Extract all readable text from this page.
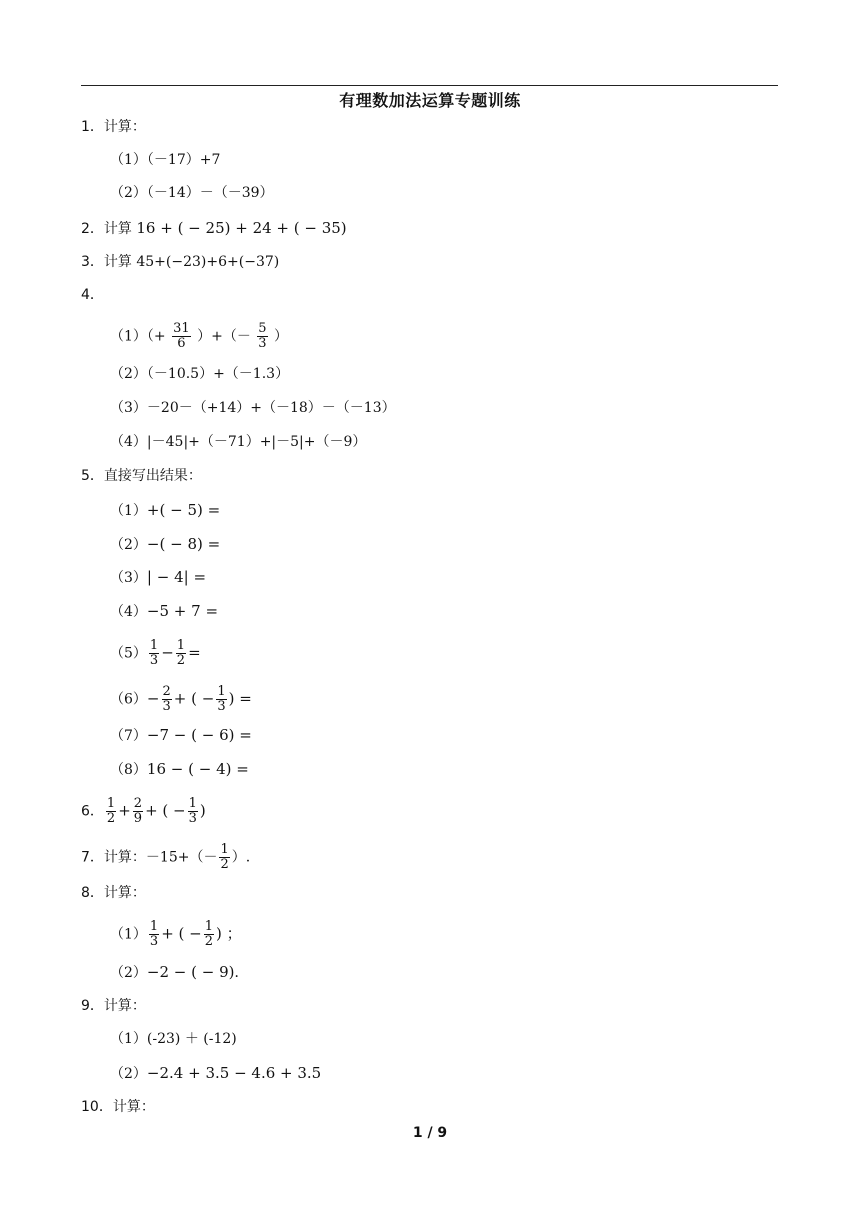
有理数加法运算专题训练
1．计算：
（1）（－17）+7
（2）（－14）－（－39）
2．计算 16 + ( − 25) + 24 + ( − 35)
3．计算 45+(−23)+6+(−37)
4．
$(1)(+ \frac{31}{6}$ ）+（－ $\frac{5}{3}$ ）
（2）（－10.5）+（－1.3）
（3）－20－（+14）+（－18）－（－13）
（4）|－45|+（－71）+|－5|+（－9）
5．直接写出结果：
（1）+( − 5) =
（2）−( − 8) =
（3）| − 4| =
（4）−5 + 7 =
$(5) \frac{1}{3} - \frac{1}{2}$ =
$(6)- \frac{2}{3}$ + ( − $\frac{1}{3}$ ) =
（7）−7 − ( − 6) =
（8）16 − ( − 4) =
6． $\frac{1}{2} + \frac{2}{9}$ + ( − $\frac{1}{3}$ )
7．计算：$-15+(- \frac{1}{2}$ ）.
8．计算：
$(1) \frac{1}{3}$ + ( − $\frac{1}{2}$ ) ；
（2）−2 − ( − 9)．
9．计算：
（1）(-23) ＋ (-12)
（2）−2.4 + 3.5 − 4.6 + 3.5
10．计算：
1 / 9
